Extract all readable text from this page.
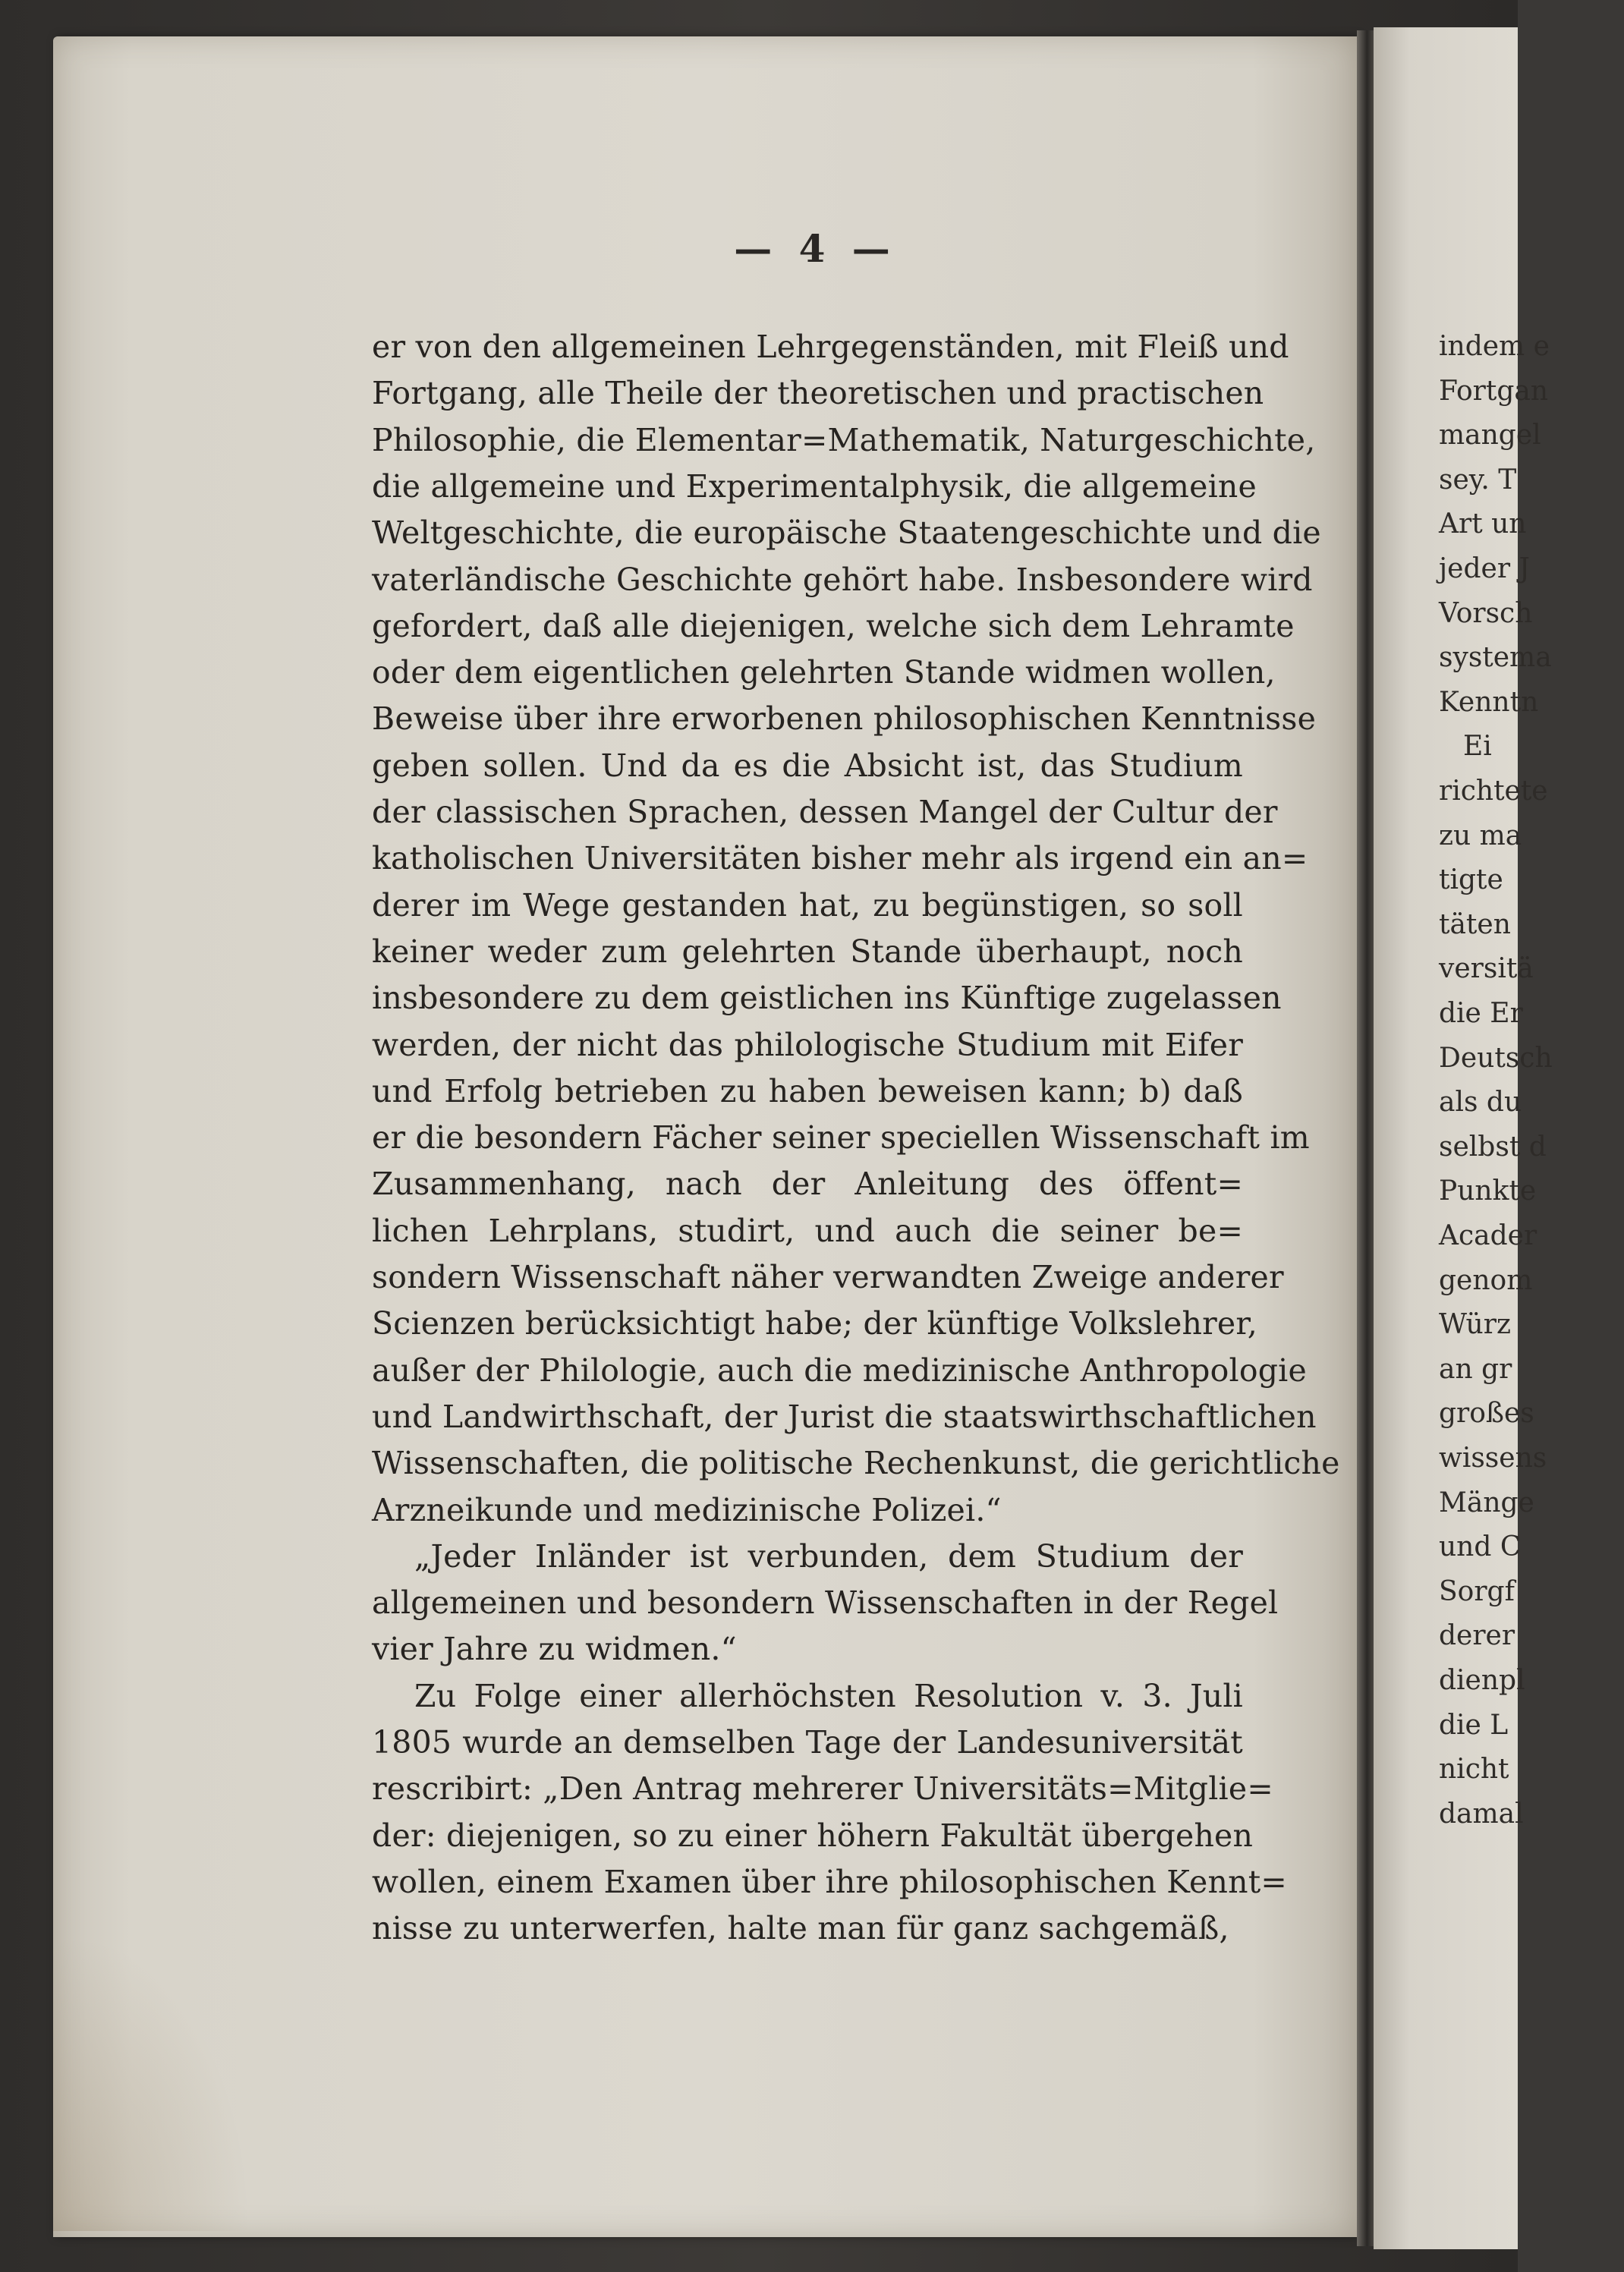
— 4 —
er von den allgemeinen Lehrgegenständen, mit Fleiß und
Fortgang, alle Theile der theoretischen und practischen
Philosophie, die Elementar=Mathematik, Naturgeschichte,
die allgemeine und Experimentalphysik, die allgemeine
Weltgeschichte, die europäische Staatengeschichte und die
vaterländische Geschichte gehört habe. Insbesondere wird
gefordert, daß alle diejenigen, welche sich dem Lehramte
oder dem eigentlichen gelehrten Stande widmen wollen,
Beweise über ihre erworbenen philosophischen Kenntnisse
geben sollen. Und da es die Absicht ist, das Studium
der classischen Sprachen, dessen Mangel der Cultur der
katholischen Universitäten bisher mehr als irgend ein an=
derer im Wege gestanden hat, zu begünstigen, so soll
keiner weder zum gelehrten Stande überhaupt, noch
insbesondere zu dem geistlichen ins Künftige zugelassen
werden, der nicht das philologische Studium mit Eifer
und Erfolg betrieben zu haben beweisen kann; b) daß
er die besondern Fächer seiner speciellen Wissenschaft im
Zusammenhang, nach der Anleitung des öffent=
lichen Lehrplans, studirt, und auch die seiner be=
sondern Wissenschaft näher verwandten Zweige anderer
Scienzen berücksichtigt habe; der künftige Volkslehrer,
außer der Philologie, auch die medizinische Anthropologie
und Landwirthschaft, der Jurist die staatswirthschaftlichen
Wissenschaften, die politische Rechenkunst, die gerichtliche
Arzneikunde und medizinische Polizei.“
„Jeder Inländer ist verbunden, dem Studium der
allgemeinen und besondern Wissenschaften in der Regel
vier Jahre zu widmen.“
Zu Folge einer allerhöchsten Resolution v. 3. Juli
1805 wurde an demselben Tage der Landesuniversität
rescribirt: „Den Antrag mehrerer Universitäts=Mitglie=
der: diejenigen, so zu einer höhern Fakultät übergehen
wollen, einem Examen über ihre philosophischen Kennt=
nisse zu unterwerfen, halte man für ganz sachgemäß,
indem e
Fortgan
mangel
sey. T
Art un
jeder J
Vorsch
systema
Kenntn
Ei
richtete
zu ma
tigte
täten
versitä
die Er
Deutsch
als du
selbst d
Punkte
Acader
genom
Würz
an gr
großes
wissens
Mänge
und C
Sorgf
derer
dienpl
die L
nicht
damal
